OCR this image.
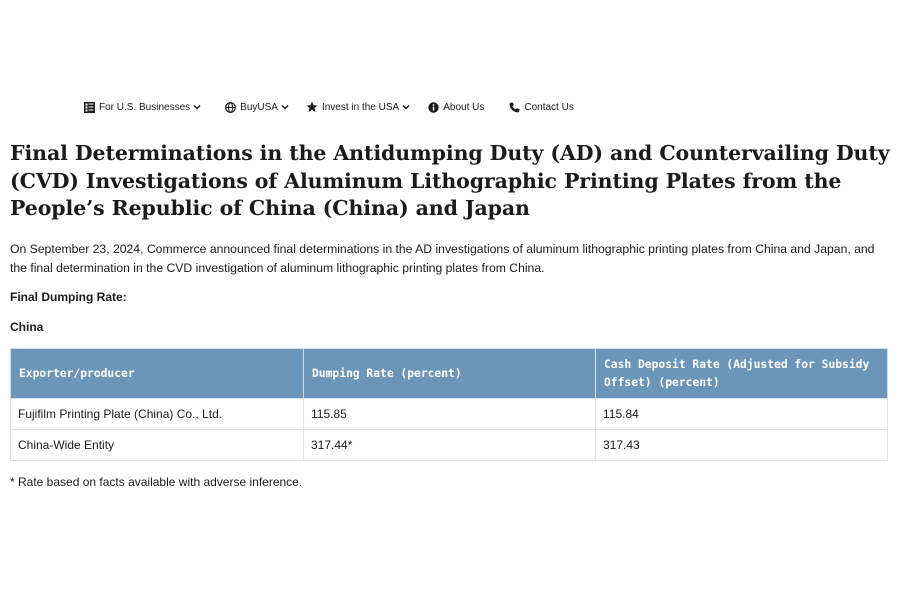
For U.S. Businesses	BuyUSA	Invest in the USA	About Us	Contact Us
Final Determinations in the Antidumping Duty (AD) and Countervailing Duty (CVD) Investigations of Aluminum Lithographic Printing Plates from the People’s Republic of China (China) and Japan

On September 23, 2024, Commerce announced final determinations in the AD investigations of aluminum lithographic printing plates from China and Japan, and the final determination in the CVD investigation of aluminum lithographic printing plates from China.

Final Dumping Rate:
China
Exporter/producer	Dumping Rate (percent)	Cash Deposit Rate (Adjusted for Subsidy Offset) (percent)
Fujifilm Printing Plate (China) Co., Ltd.	115.85	115.84
China-Wide Entity	317.44*	317.43

* Rate based on facts available with adverse inference.
